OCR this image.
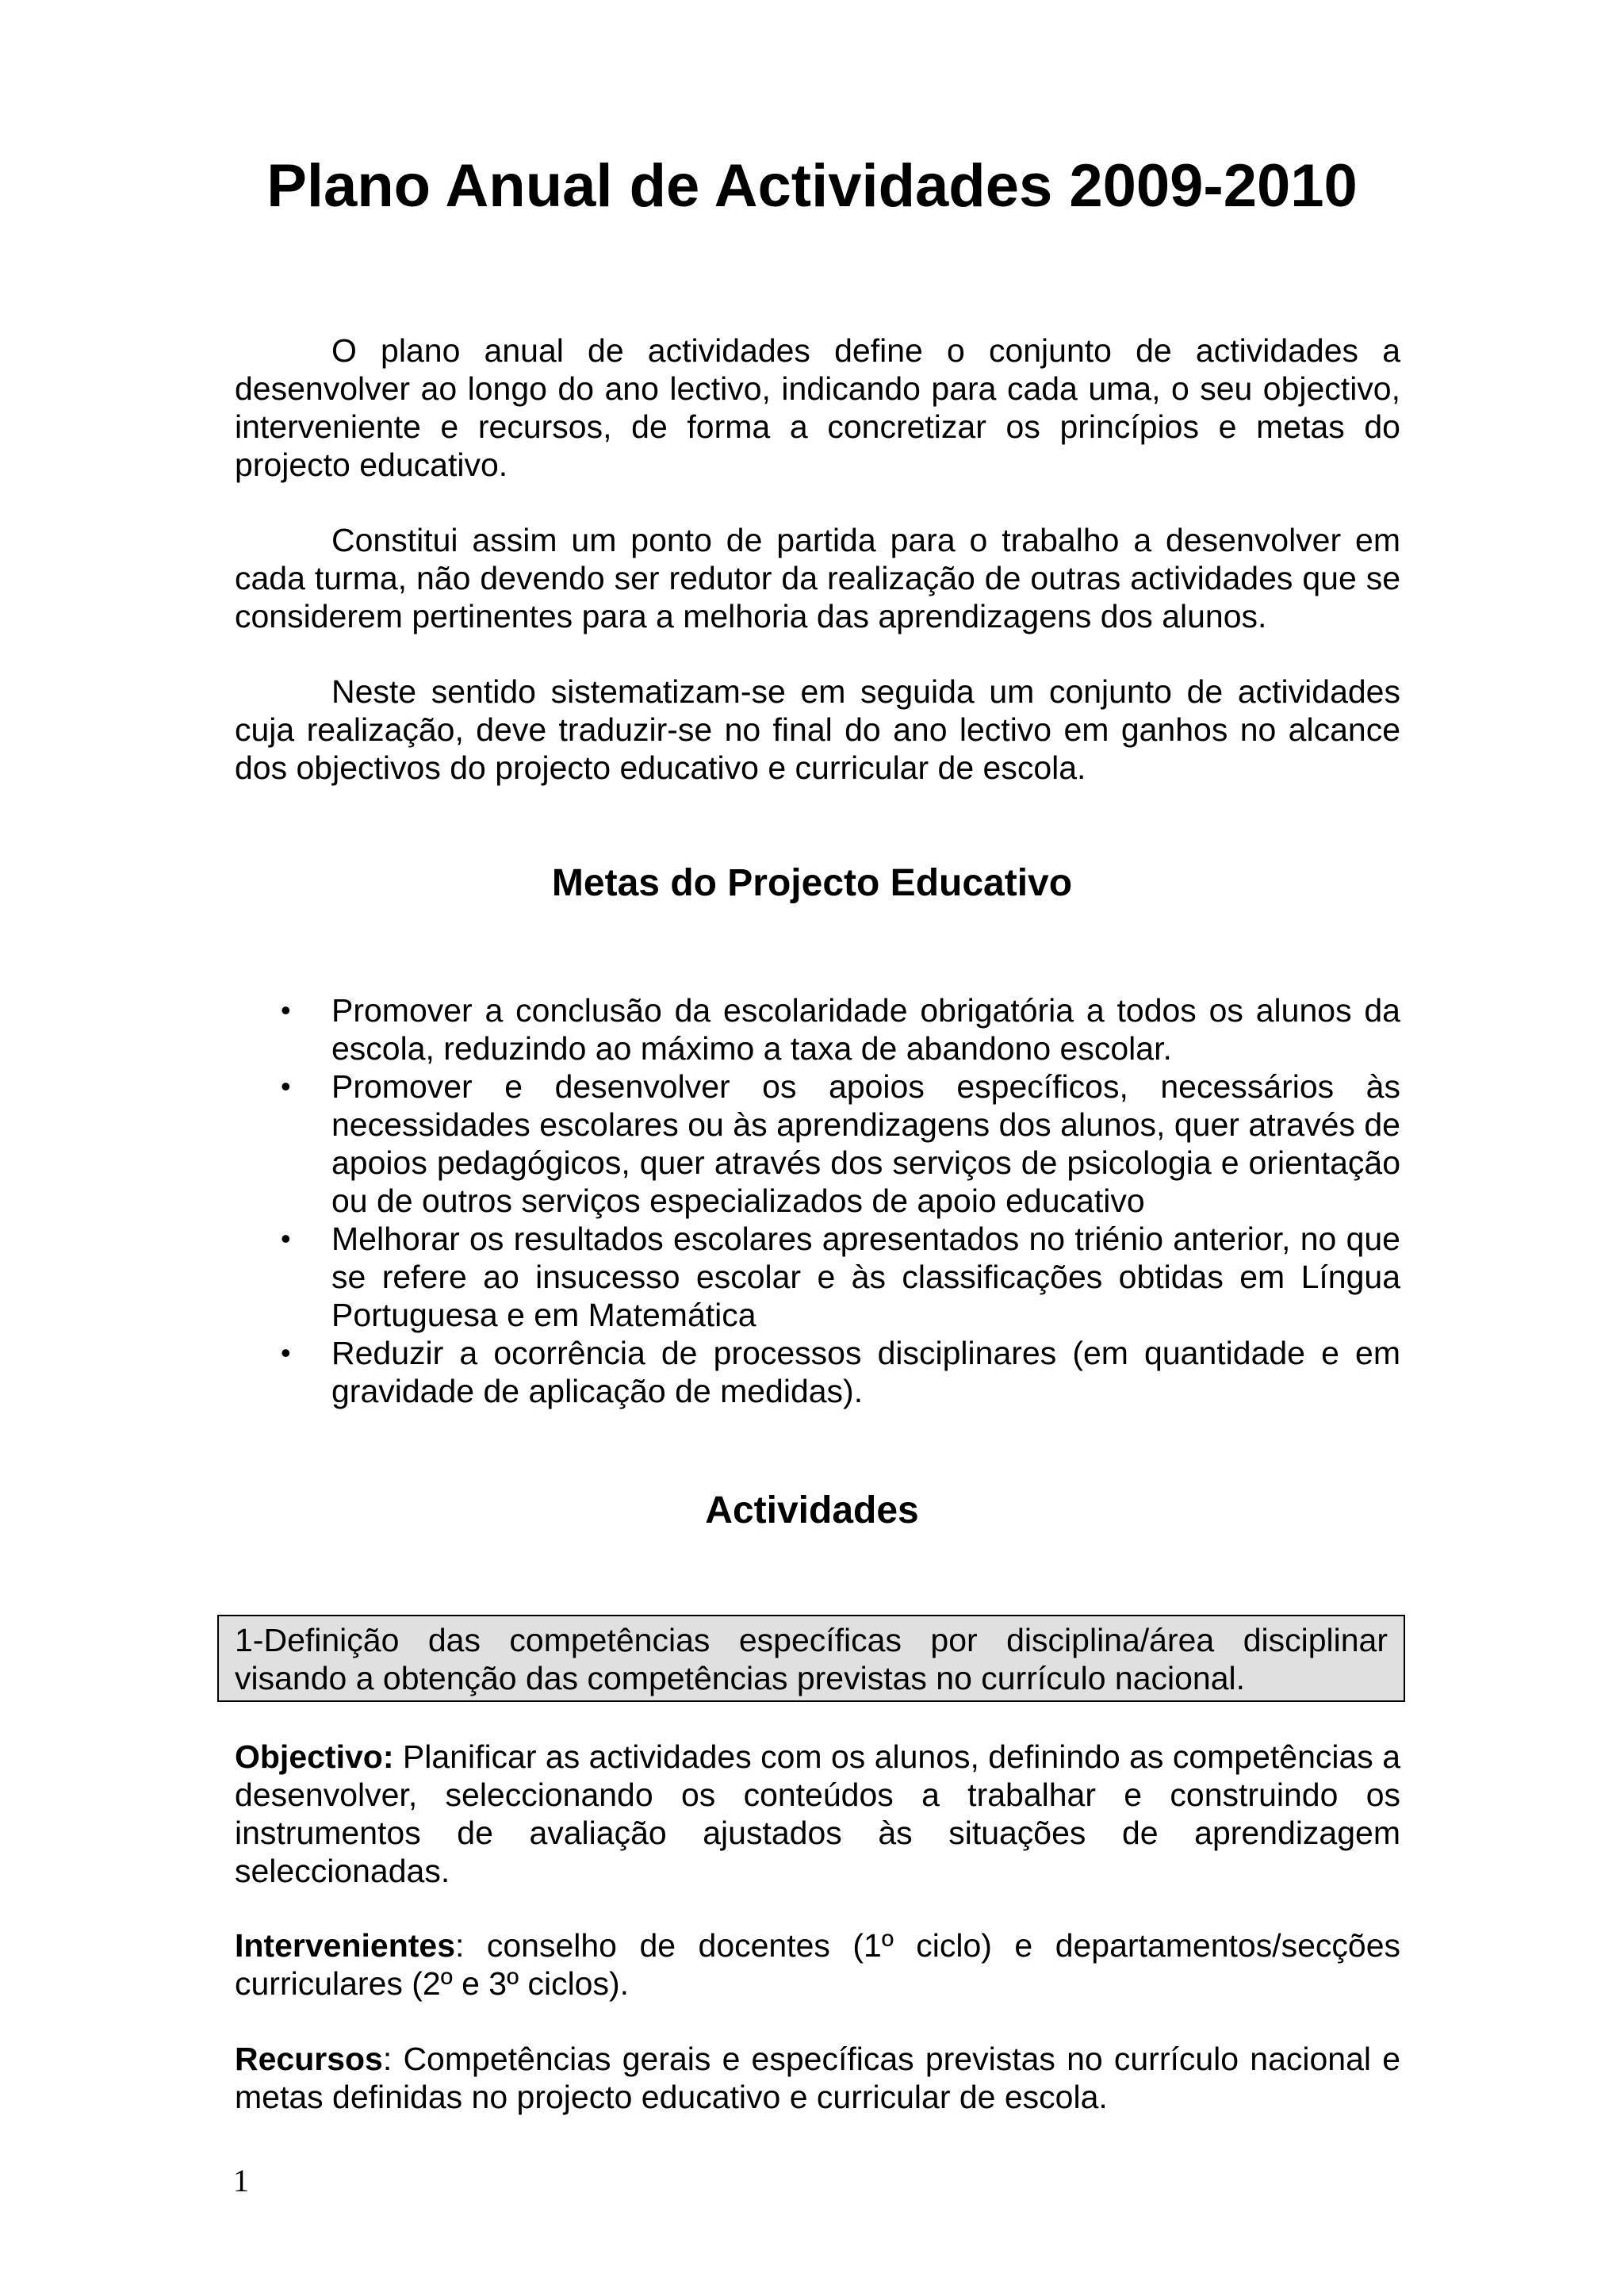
Plano Anual de Actividades 2009-2010

O plano anual de actividades define o conjunto de actividades a desenvolver ao longo do ano lectivo, indicando para cada uma, o seu objectivo, interveniente e recursos, de forma a concretizar os princípios e metas do projecto educativo.

Constitui assim um ponto de partida para o trabalho a desenvolver em cada turma, não devendo ser redutor da realização de outras actividades que se considerem pertinentes para a melhoria das aprendizagens dos alunos.

Neste sentido sistematizam-se em seguida um conjunto de actividades cuja realização, deve traduzir-se no final do ano lectivo em ganhos no alcance dos objectivos do projecto educativo e curricular de escola.

Metas do Projecto Educativo
• Promover a conclusão da escolaridade obrigatória a todos os alunos da escola, reduzindo ao máximo a taxa de abandono escolar.
• Promover e desenvolver os apoios específicos, necessários às necessidades escolares ou às aprendizagens dos alunos, quer através de apoios pedagógicos, quer através dos serviços de psicologia e orientação ou de outros serviços especializados de apoio educativo
• Melhorar os resultados escolares apresentados no triénio anterior, no que se refere ao insucesso escolar e às classificações obtidas em Língua Portuguesa e em Matemática
• Reduzir a ocorrência de processos disciplinares (em quantidade e em gravidade de aplicação de medidas).
Actividades
1-Definição das competências específicas por disciplina/área disciplinar visando a obtenção das competências previstas no currículo nacional.

Objectivo: Planificar as actividades com os alunos, definindo as competências a desenvolver, seleccionando os conteúdos a trabalhar e construindo os instrumentos de avaliação ajustados às situações de aprendizagem seleccionadas.

Intervenientes: conselho de docentes (1º ciclo) e departamentos/secções curriculares (2º e 3º ciclos).

Recursos: Competências gerais e específicas previstas no currículo nacional e metas definidas no projecto educativo e curricular de escola.

1
